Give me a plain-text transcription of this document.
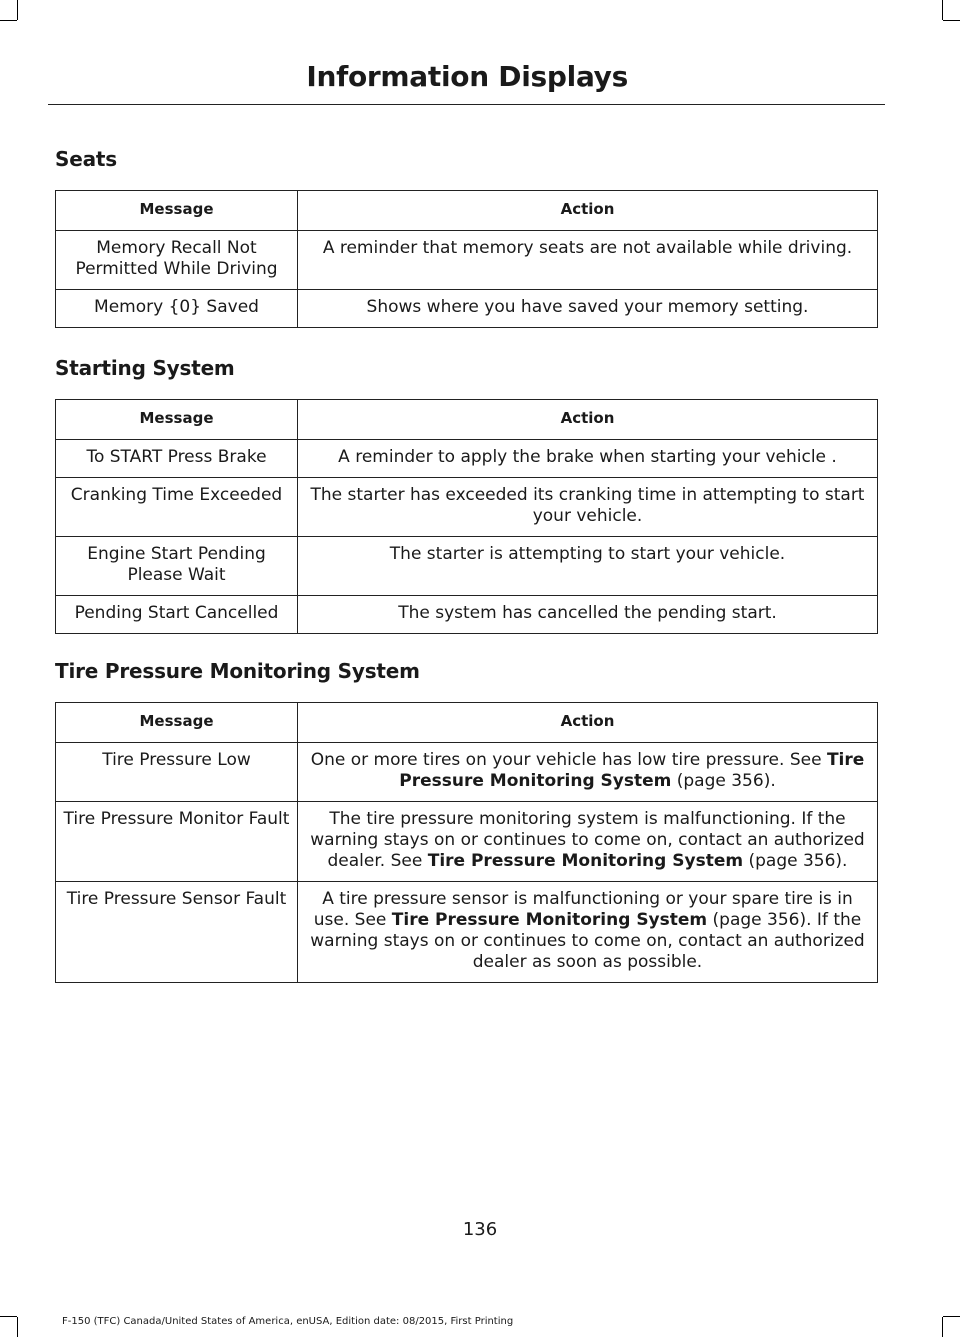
Information Displays
Seats
Message	Action
Memory Recall Not Permitted While Driving	A reminder that memory seats are not available while driving.
Memory {0} Saved	Shows where you have saved your memory setting.
Starting System
Message	Action
To START Press Brake	A reminder to apply the brake when starting your vehicle .
Cranking Time Exceeded	The starter has exceeded its cranking time in attempting to start your vehicle.
Engine Start Pending Please Wait	The starter is attempting to start your vehicle.
Pending Start Cancelled	The system has cancelled the pending start.
Tire Pressure Monitoring System
Message	Action
Tire Pressure Low	One or more tires on your vehicle has low tire pressure. See Tire Pressure Monitoring System (page 356).
Tire Pressure Monitor Fault	The tire pressure monitoring system is malfunctioning. If the warning stays on or continues to come on, contact an authorized dealer. See Tire Pressure Monitoring System (page 356).
Tire Pressure Sensor Fault	A tire pressure sensor is malfunctioning or your spare tire is in use. See Tire Pressure Monitoring System (page 356). If the warning stays on or continues to come on, contact an authorized dealer as soon as possible.
136
F-150 (TFC) Canada/United States of America, enUSA, Edition date: 08/2015, First Printing
